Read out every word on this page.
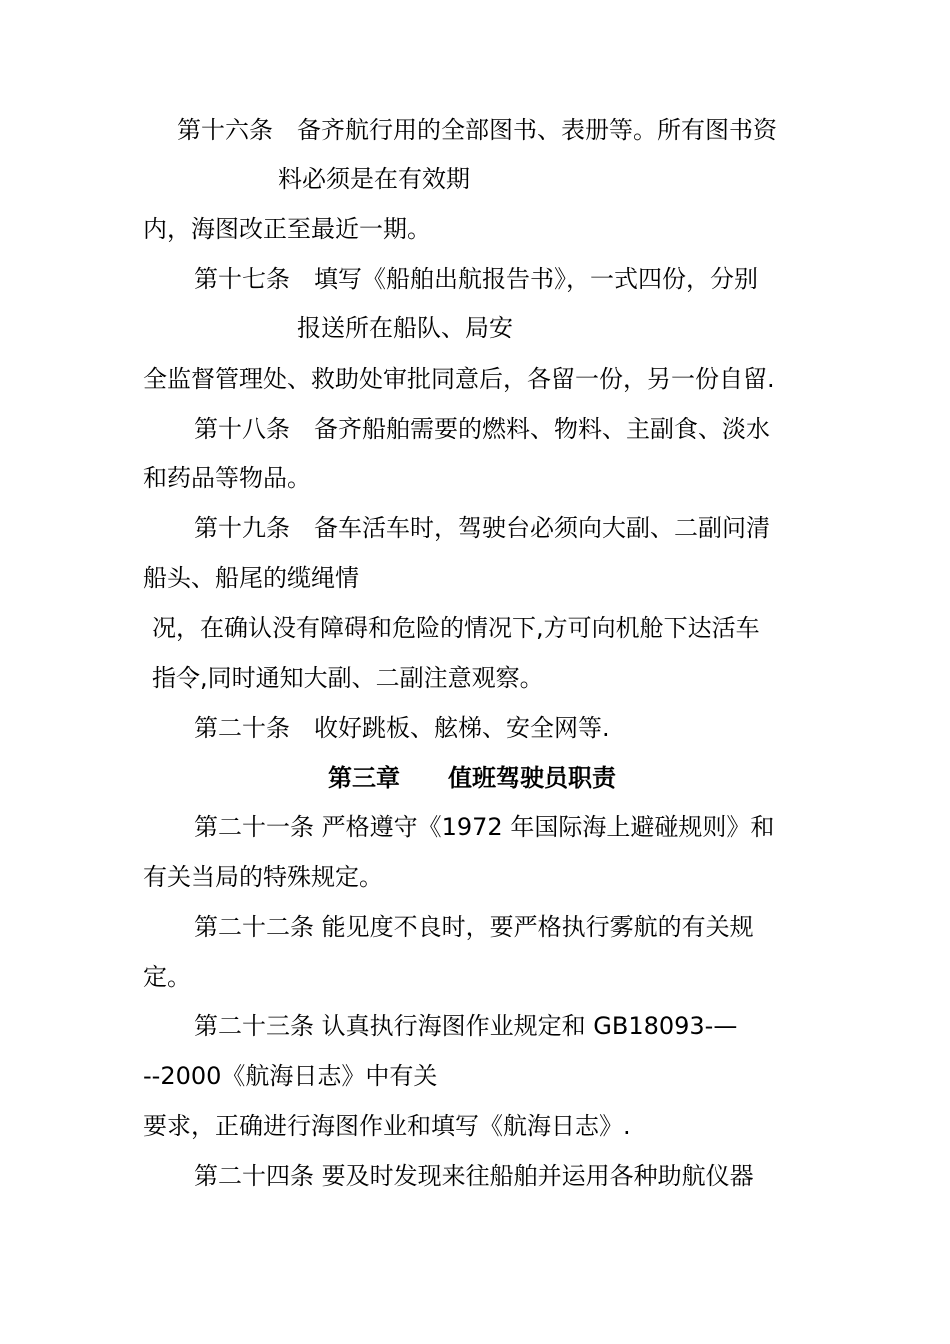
第十六条　备齐航行用的全部图书、表册等。所有图书资
料必须是在有效期
内，海图改正至最近一期。
第十七条　填写《船舶出航报告书》，一式四份，分别
报送所在船队、局安
全监督管理处、救助处审批同意后，各留一份，另一份自留.
第十八条　备齐船舶需要的燃料、物料、主副食、淡水
和药品等物品。
第十九条　备车活车时，驾驶台必须向大副、二副问清
船头、船尾的缆绳情
况，在确认没有障碍和危险的情况下,方可向机舱下达活车
指令,同时通知大副、二副注意观察。
第二十条　收好跳板、舷梯、安全网等.
第三章　　值班驾驶员职责
第二十一条 严格遵守《1972 年国际海上避碰规则》和
有关当局的特殊规定。
第二十二条 能见度不良时，要严格执行雾航的有关规
定。
第二十三条 认真执行海图作业规定和 GB18093-—
--2000《航海日志》中有关
要求，正确进行海图作业和填写《航海日志》.
第二十四条 要及时发现来往船舶并运用各种助航仪器
